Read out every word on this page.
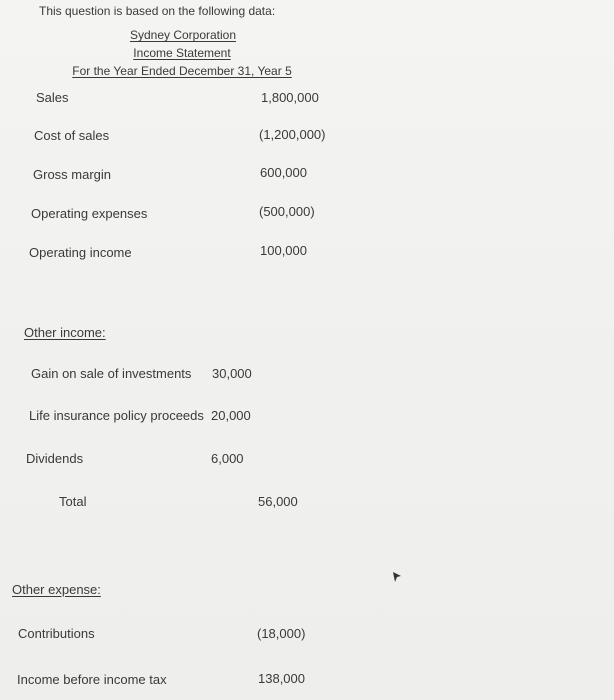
This question is based on the following data:
Sydney Corporation
Income Statement
For the Year Ended December 31, Year 5
Sales	1,800,000
Cost of sales	(1,200,000)
Gross margin	600,000
Operating expenses	(500,000)
Operating income	100,000
Other income:
Gain on sale of investments 30,000
Life insurance policy proceeds 20,000
Dividends	6,000
Total	56,000
Other expense:
Contributions	(18,000)
Income before income tax	138,000
